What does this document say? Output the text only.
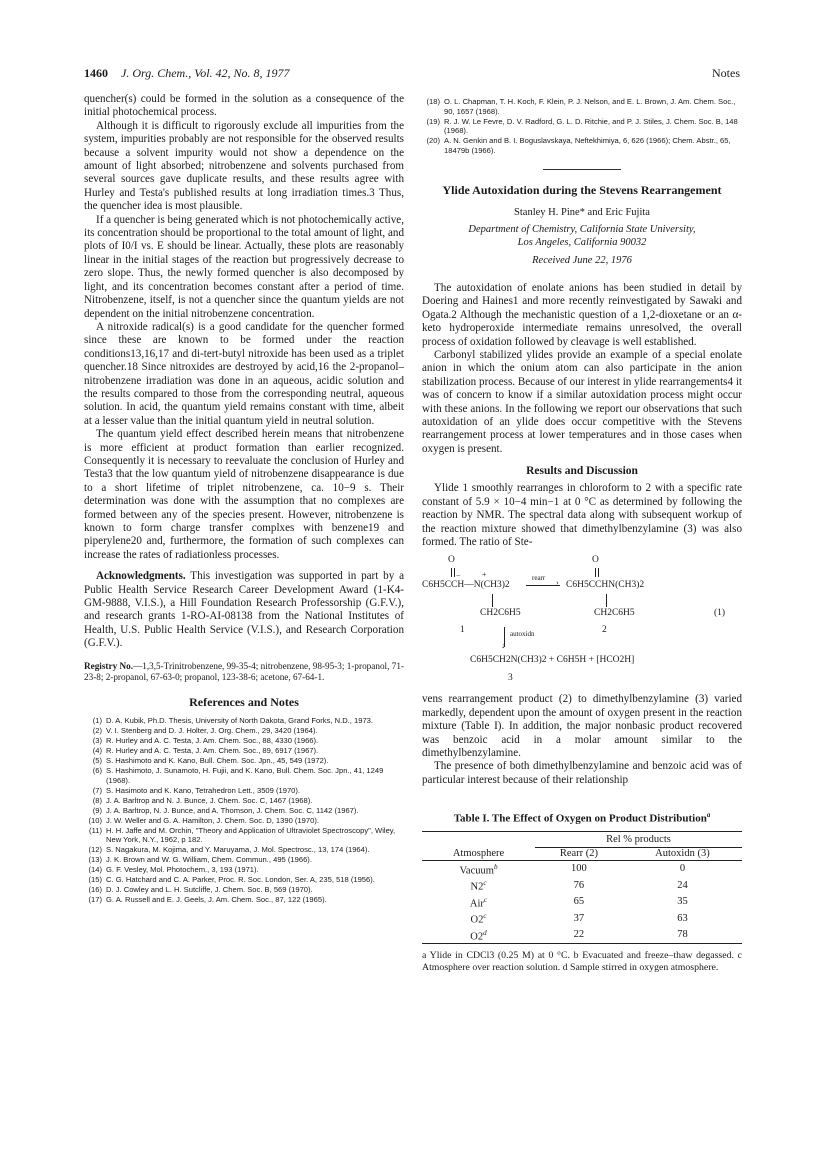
1460 J. Org. Chem., Vol. 42, No. 8, 1977	Notes

quencher(s) could be formed in the solution as a consequence of the initial photochemical process.

Although it is difficult to rigorously exclude all impurities from the system, impurities probably are not responsible for the observed results because a solvent impurity would not show a dependence on the amount of light absorbed; nitrobenzene and solvents purchased from several sources gave duplicate results, and these results agree with Hurley and Testa's published results at long irradiation times.3 Thus, the quencher idea is most plausible.

If a quencher is being generated which is not photochemically active, its concentration should be proportional to the total amount of light, and plots of I0/I vs. E should be linear. Actually, these plots are reasonably linear in the initial stages of the reaction but progressively decrease to zero slope. Thus, the newly formed quencher is also decomposed by light, and its concentration becomes constant after a period of time. Nitrobenzene, itself, is not a quencher since the quantum yields are not dependent on the initial nitrobenzene concentration.

A nitroxide radical(s) is a good candidate for the quencher formed since these are known to be formed under the reaction conditions13,16,17 and di-tert-butyl nitroxide has been used as a triplet quencher.18 Since nitroxides are destroyed by acid,16 the 2-propanol–nitrobenzene irradiation was done in an aqueous, acidic solution and the results compared to those from the corresponding neutral, aqueous solution. In acid, the quantum yield remains constant with time, albeit at a lesser value than the initial quantum yield in neutral solution.

The quantum yield effect described herein means that nitrobenzene is more efficient at product formation than earlier recognized. Consequently it is necessary to reevaluate the conclusion of Hurley and Testa3 that the low quantum yield of nitrobenzene disappearance is due to a short lifetime of triplet nitrobenzene, ca. 10−9 s. Their determination was done with the assumption that no complexes are formed between any of the species present. However, nitrobenzene is known to form charge transfer complxes with benzene19 and piperylene20 and, furthermore, the formation of such complexes can increase the rates of radiationless processes.

Acknowledgments. This investigation was supported in part by a Public Health Service Research Career Development Award (1-K4-GM-9888, V.I.S.), a Hill Foundation Research Professorship (G.F.V.), and research grants 1-RO-AI-08138 from the National Institutes of Health, U.S. Public Health Service (V.I.S.), and Research Corporation (G.F.V.).

Registry No.—1,3,5-Trinitrobenzene, 99-35-4; nitrobenzene, 98-95-3; 1-propanol, 71-23-8; 2-propanol, 67-63-0; propanol, 123-38-6; acetone, 67-64-1.
References and Notes
(1) D. A. Kubik, Ph.D. Thesis, University of North Dakota, Grand Forks, N.D., 1973.
(2) V. I. Stenberg and D. J. Holter, J. Org. Chem., 29, 3420 (1964).
(3) R. Hurley and A. C. Testa, J. Am. Chem. Soc., 88, 4330 (1966).
(4) R. Hurley and A. C. Testa, J. Am. Chem. Soc., 89, 6917 (1967).
(5) S. Hashimoto and K. Kano, Bull. Chem. Soc. Jpn., 45, 549 (1972).
(6) S. Hashimoto, J. Sunamoto, H. Fujii, and K. Kano, Bull. Chem. Soc. Jpn., 41, 1249 (1968).
(7) S. Hasimoto and K. Kano, Tetrahedron Lett., 3509 (1970).
(8) J. A. Barltrop and N. J. Bunce, J. Chem. Soc. C, 1467 (1968).
(9) J. A. Barltrop, N. J. Bunce, and A. Thomson, J. Chem. Soc. C, 1142 (1967).
(10) J. W. Weller and G. A. Hamilton, J. Chem. Soc. D, 1390 (1970).
(11) H. H. Jaffe and M. Orchin, "Theory and Application of Ultraviolet Spectroscopy", Wiley, New York, N.Y., 1962, p 182.
(12) S. Nagakura, M. Kojima, and Y. Maruyama, J. Mol. Spectrosc., 13, 174 (1964).
(13) J. K. Brown and W. G. William, Chem. Commun., 495 (1966).
(14) G. F. Vesley, Mol. Photochem., 3, 193 (1971).
(15) C. G. Hatchard and C. A. Parker, Proc. R. Soc. London, Ser. A, 235, 518 (1956).
(16) D. J. Cowley and L. H. Sutcliffe, J. Chem. Soc. B, 569 (1970).
(17) G. A. Russell and E. J. Geels, J. Am. Chem. Soc., 87, 122 (1965).
(18) O. L. Chapman, T. H. Koch, F. Klein, P. J. Nelson, and E. L. Brown, J. Am. Chem. Soc., 90, 1657 (1968).
(19) R. J. W. Le Fevre, D. V. Radford, G. L. D. Ritchie, and P. J. Stiles, J. Chem. Soc. B, 148 (1968).
(20) A. N. Genkin and B. I. Boguslavskaya, Neftekhimiya, 6, 626 (1966); Chem. Abstr., 65, 18479b (1966).
Ylide Autoxidation during the Stevens Rearrangement
Stanley H. Pine* and Eric Fujita
Department of Chemistry, California State University,
Los Angeles, California 90032
Received June 22, 1976

The autoxidation of enolate anions has been studied in detail by Doering and Haines1 and more recently reinvestigated by Sawaki and Ogata.2 Although the mechanistic question of a 1,2-dioxetane or an α-keto hydroperoxide intermediate remains unresolved, the overall process of oxidation followed by cleavage is well established.

Carbonyl stabilized ylides provide an example of a special enolate anion in which the onium atom can also participate in the anion stabilization process. Because of our interest in ylide rearrangements4 it was of concern to know if a similar autoxidation process might occur with these anions. In the following we report our observations that such autoxidation of an ylide does occur competitive with the Stevens rearrangement process at lower temperatures and in those cases when oxygen is present.

Results and Discussion

Ylide 1 smoothly rearranges in chloroform to 2 with a specific rate constant of 5.9 × 10−4 min−1 at 0 °C as determined by following the reaction by NMR. The spectral data along with subsequent workup of the reaction mixture showed that dimethylbenzylamine (3) was also formed. The ratio of Ste-

O	O
−	+
C6H5CCH—N(CH3)2
rearr › C6H5CCHN(CH3)2
CH2C6H5	CH2C6H5	(1)
1	2
↓
autoxidn
C6H5CH2N(CH3)2 + C6H5H + [HCO2H]
3

vens rearrangement product (2) to dimethylbenzylamine (3) varied markedly, dependent upon the amount of oxygen present in the reaction mixture (Table I). In addition, the major nonbasic product recovered was benzoic acid in a molar amount similar to the dimethylbenzylamine.

The presence of both dimethylbenzylamine and benzoic acid was of particular interest because of their relationship

Table I. The Effect of Oxygen on Product Distribution$^a$
	Rel % products	
Atmosphere	Rearr (2)	Autoxidn (3)
Vacuum$^b$	100	0
N2$^c$	76	24
Air$^c$	65	35
O2$^c$	37	63
O2$^d$	22	78
a Ylide in CDCl3 (0.25 M) at 0 °C. b Evacuated and freeze–thaw degassed. c Atmosphere over reaction solution. d Sample stirred in oxygen atmosphere.
